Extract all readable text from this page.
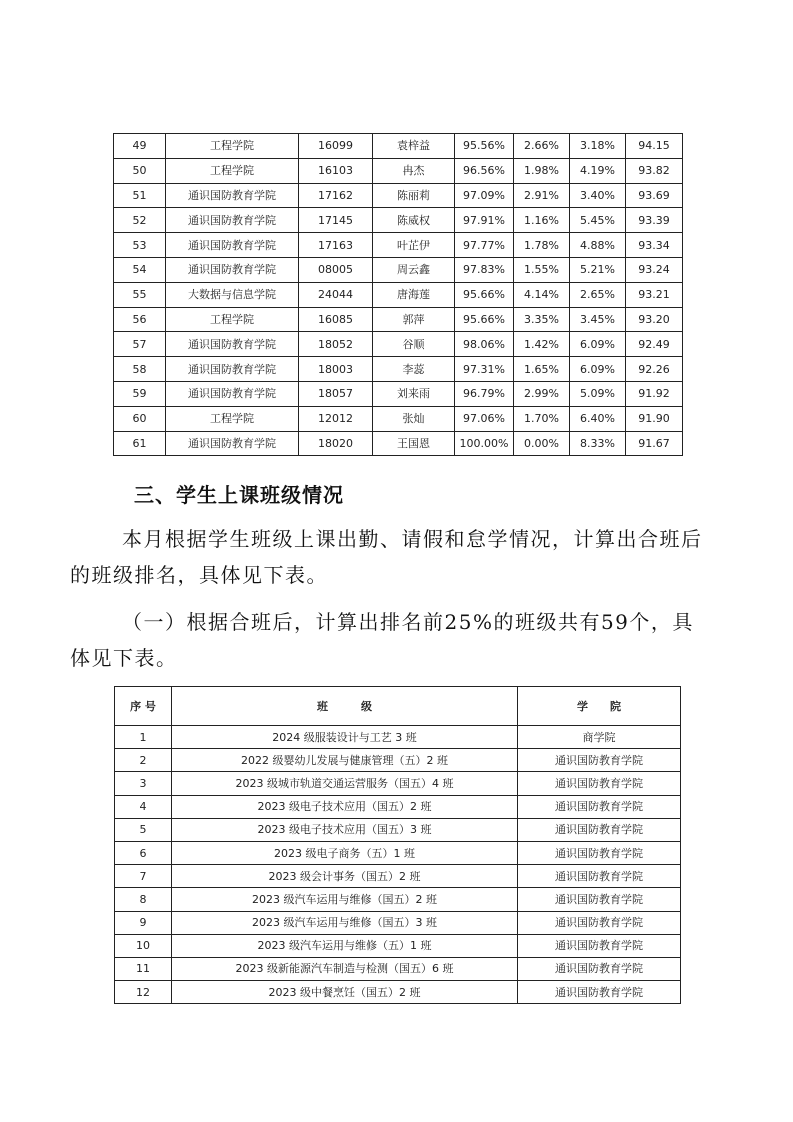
49	工程学院	16099	袁梓益	95.56%	2.66%	3.18%	94.15
50	工程学院	16103	冉杰	96.56%	1.98%	4.19%	93.82
51	通识国防教育学院	17162	陈丽莉	97.09%	2.91%	3.40%	93.69
52	通识国防教育学院	17145	陈威权	97.91%	1.16%	5.45%	93.39
53	通识国防教育学院	17163	叶芷伊	97.77%	1.78%	4.88%	93.34
54	通识国防教育学院	08005	周云鑫	97.83%	1.55%	5.21%	93.24
55	大数据与信息学院	24044	唐海莲	95.66%	4.14%	2.65%	93.21
56	工程学院	16085	郭萍	95.66%	3.35%	3.45%	93.20
57	通识国防教育学院	18052	谷顺	98.06%	1.42%	6.09%	92.49
58	通识国防教育学院	18003	李蕊	97.31%	1.65%	6.09%	92.26
59	通识国防教育学院	18057	刘来雨	96.79%	2.99%	5.09%	91.92
60	工程学院	12012	张灿	97.06%	1.70%	6.40%	91.90
61	通识国防教育学院	18020	王国恩	100.00%	0.00%	8.33%	91.67
三、学生上课班级情况

本月根据学生班级上课出勤、请假和怠学情况，计算出合班后的班级排名，具体见下表。

（一）根据合班后，计算出排名前25%的班级共有59个，具体见下表。

序 号	班　　　级	学　　院
1	2024 级服装设计与工艺 3 班	商学院
2	2022 级婴幼儿发展与健康管理（五）2 班	通识国防教育学院
3	2023 级城市轨道交通运营服务（国五）4 班	通识国防教育学院
4	2023 级电子技术应用（国五）2 班	通识国防教育学院
5	2023 级电子技术应用（国五）3 班	通识国防教育学院
6	2023 级电子商务（五）1 班	通识国防教育学院
7	2023 级会计事务（国五）2 班	通识国防教育学院
8	2023 级汽车运用与维修（国五）2 班	通识国防教育学院
9	2023 级汽车运用与维修（国五）3 班	通识国防教育学院
10	2023 级汽车运用与维修（五）1 班	通识国防教育学院
11	2023 级新能源汽车制造与检测（国五）6 班	通识国防教育学院
12	2023 级中餐烹饪（国五）2 班	通识国防教育学院
